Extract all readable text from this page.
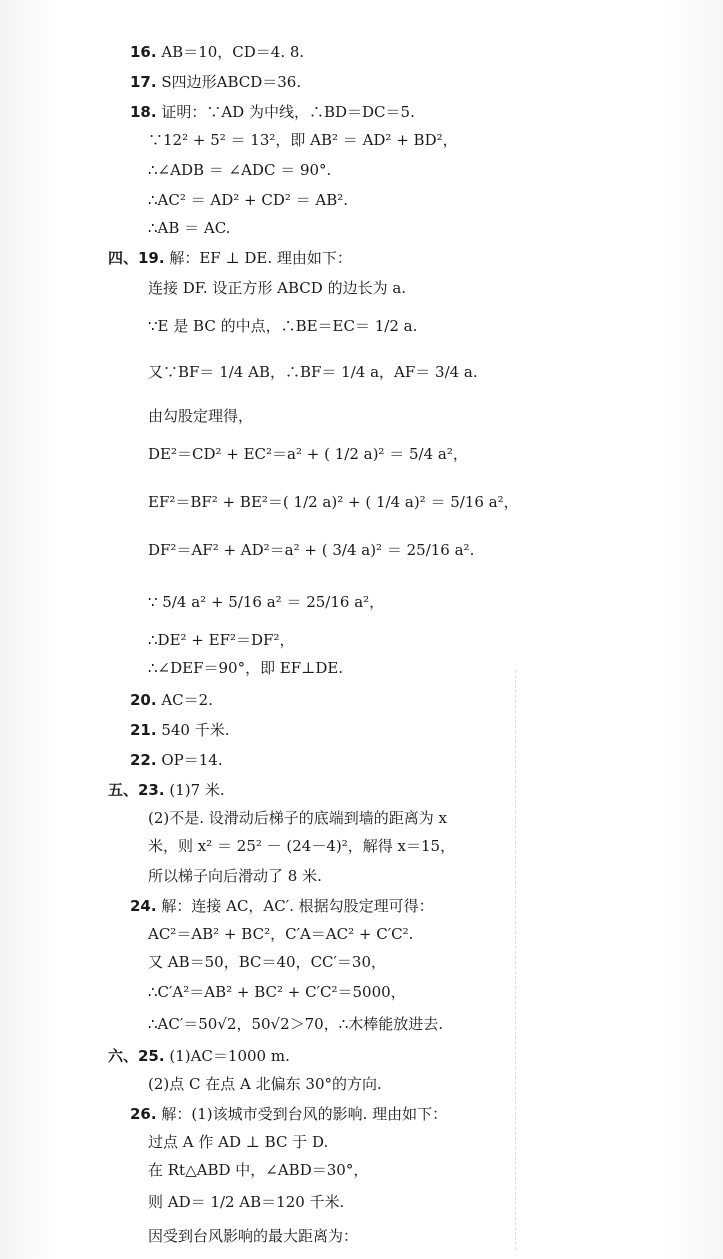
16. AB＝10，CD＝4. 8.
17. S四边形ABCD＝36.
18. 证明：∵AD 为中线，∴BD＝DC＝5.
∵12² + 5² ＝ 13²，即 AB² ＝ AD² + BD²，
∴∠ADB ＝ ∠ADC ＝ 90°.
∴AC² ＝ AD² + CD² ＝ AB².
∴AB ＝ AC.
四、19. 解：EF ⊥ DE. 理由如下：
连接 DF. 设正方形 ABCD 的边长为 a.
∵E 是 BC 的中点，∴BE＝EC＝ 1/2 a.
又∵BF＝ 1/4 AB，∴BF＝ 1/4 a，AF＝ 3/4 a.
由勾股定理得，
DE²＝CD² + EC²＝a² + ( 1/2 a)² ＝ 5/4 a²，
EF²＝BF² + BE²＝( 1/2 a)² + ( 1/4 a)² ＝ 5/16 a²，
DF²＝AF² + AD²＝a² + ( 3/4 a)² ＝ 25/16 a².
∵ 5/4 a² + 5/16 a² ＝ 25/16 a²，
∴DE² + EF²＝DF²，
∴∠DEF＝90°，即 EF⊥DE.
20. AC＝2.
21. 540 千米.
22. OP＝14.
五、23. (1)7 米.
(2)不是. 设滑动后梯子的底端到墙的距离为 x
米，则 x² ＝ 25² － (24－4)²，解得 x＝15，
所以梯子向后滑动了 8 米.
24. 解：连接 AC，AC′. 根据勾股定理可得：
AC²＝AB² + BC²，C′A＝AC² + C′C².
又 AB＝50，BC＝40，CC′＝30，
∴C′A²＝AB² + BC² + C′C²＝5000，
∴AC′＝50√2，50√2＞70，∴木棒能放进去.
六、25. (1)AC＝1000 m.
(2)点 C 在点 A 北偏东 30°的方向.
26. 解：(1)该城市受到台风的影响. 理由如下：
过点 A 作 AD ⊥ BC 于 D.
在 Rt△ABD 中，∠ABD＝30°，
则 AD＝ 1/2 AB＝120 千米.
因受到台风影响的最大距离为：
